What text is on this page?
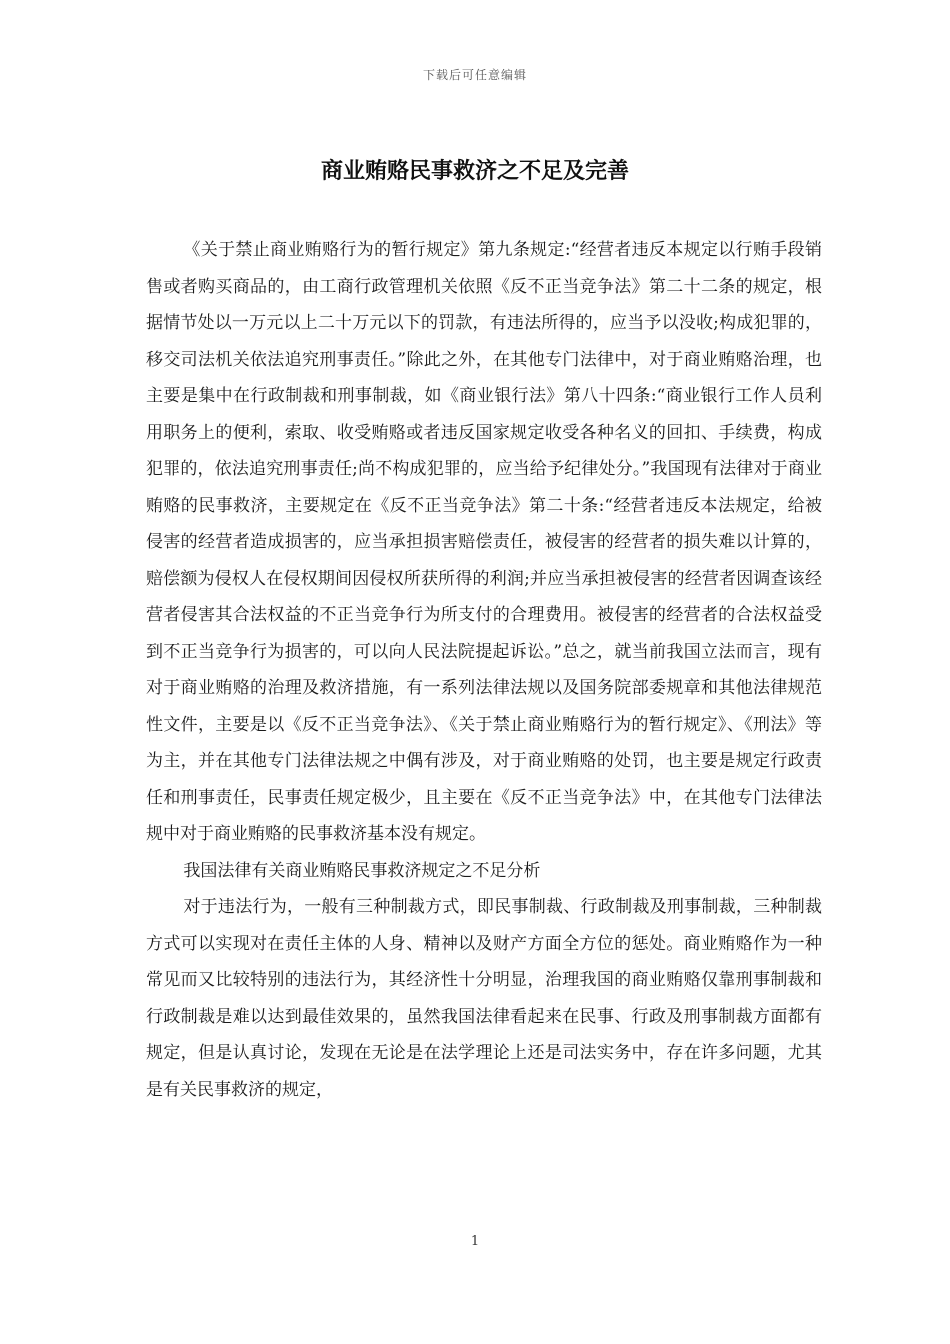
下载后可任意编辑
商业贿赂民事救济之不足及完善

《关于禁止商业贿赂行为的暂行规定》第九条规定:“经营者违反本规定以行贿手段销售或者购买商品的，由工商行政管理机关依照《反不正当竞争法》第二十二条的规定，根据情节处以一万元以上二十万元以下的罚款，有违法所得的，应当予以没收;构成犯罪的，移交司法机关依法追究刑事责任。”除此之外，在其他专门法律中，对于商业贿赂治理，也主要是集中在行政制裁和刑事制裁，如《商业银行法》第八十四条:“商业银行工作人员利用职务上的便利，索取、收受贿赂或者违反国家规定收受各种名义的回扣、手续费，构成犯罪的，依法追究刑事责任;尚不构成犯罪的，应当给予纪律处分。”我国现有法律对于商业贿赂的民事救济，主要规定在《反不正当竞争法》第二十条:“经营者违反本法规定，给被侵害的经营者造成损害的，应当承担损害赔偿责任，被侵害的经营者的损失难以计算的，赔偿额为侵权人在侵权期间因侵权所获所得的利润;并应当承担被侵害的经营者因调查该经营者侵害其合法权益的不正当竞争行为所支付的合理费用。被侵害的经营者的合法权益受到不正当竞争行为损害的，可以向人民法院提起诉讼。”总之，就当前我国立法而言，现有对于商业贿赂的治理及救济措施，有一系列法律法规以及国务院部委规章和其他法律规范性文件，主要是以《反不正当竞争法》、《关于禁止商业贿赂行为的暂行规定》、《刑法》等为主，并在其他专门法律法规之中偶有涉及，对于商业贿赂的处罚，也主要是规定行政责任和刑事责任，民事责任规定极少，且主要在《反不正当竞争法》中，在其他专门法律法规中对于商业贿赂的民事救济基本没有规定。

我国法律有关商业贿赂民事救济规定之不足分析

对于违法行为，一般有三种制裁方式，即民事制裁、行政制裁及刑事制裁，三种制裁方式可以实现对在责任主体的人身、精神以及财产方面全方位的惩处。商业贿赂作为一种常见而又比较特别的违法行为，其经济性十分明显，治理我国的商业贿赂仅靠刑事制裁和行政制裁是难以达到最佳效果的，虽然我国法律看起来在民事、行政及刑事制裁方面都有规定，但是认真讨论，发现在无论是在法学理论上还是司法实务中，存在许多问题，尤其是有关民事救济的规定，

1
